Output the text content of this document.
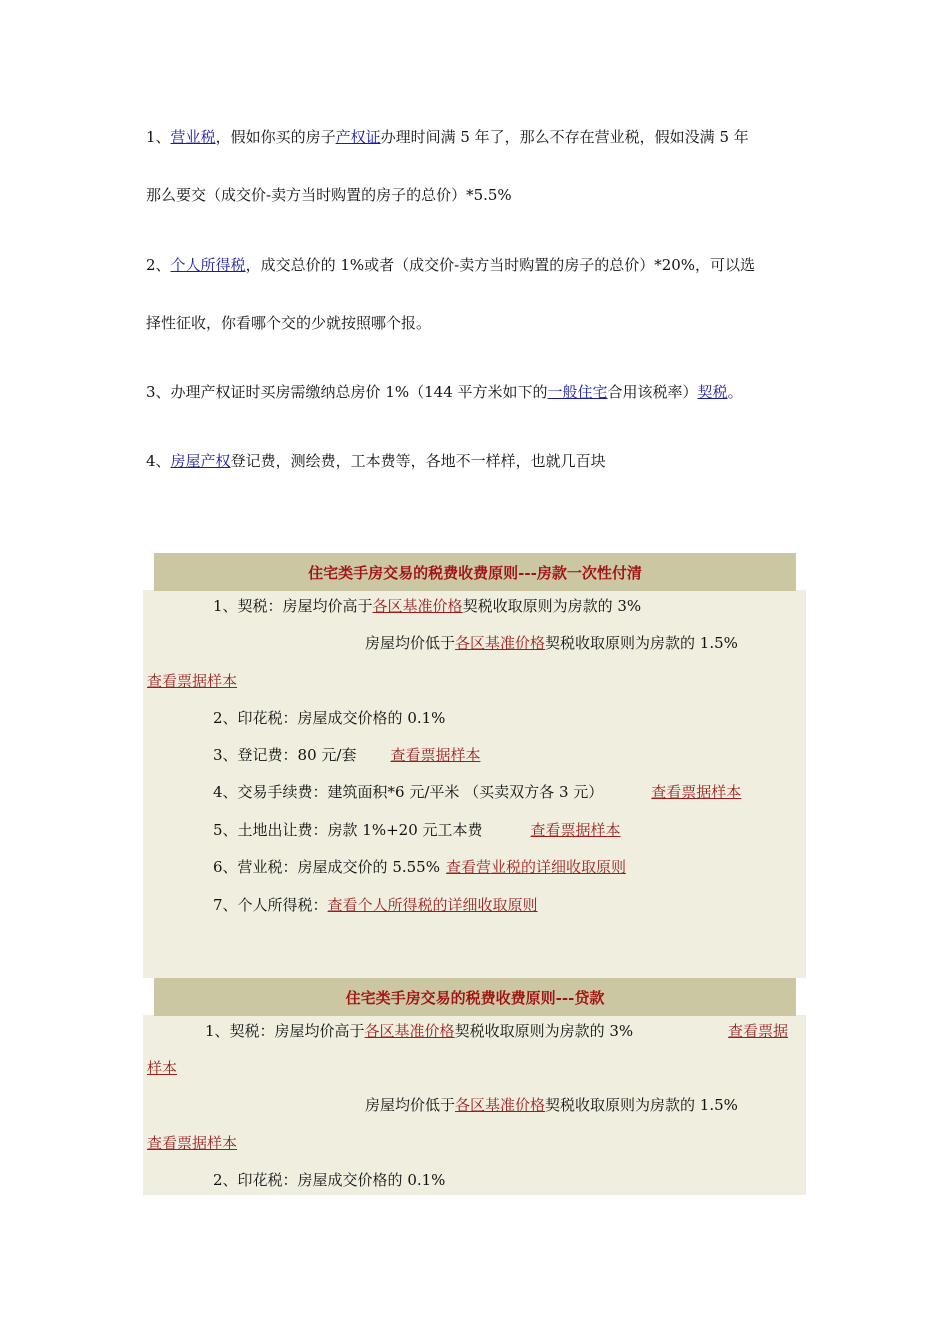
1、营业税，假如你买的房子产权证办理时间满 5 年了，那么不存在营业税，假如没满 5 年
那么要交（成交价-卖方当时购置的房子的总价）*5.5%
2、个人所得税，成交总价的 1%或者（成交价-卖方当时购置的房子的总价）*20%，可以选
择性征收，你看哪个交的少就按照哪个报。
3、办理产权证时买房需缴纳总房价 1%（144 平方米如下的一般住宅合用该税率）契税。
4、房屋产权登记费，测绘费，工本费等，各地不一样样，也就几百块
1、契税：房屋均价高于各区基准价格契税收取原则为房款的 3%
房屋均价低于各区基准价格契税收取原则为房款的 1.5%
查看票据样本
2、印花税：房屋成交价格的 0.1%
3、登记费：80 元/套 查看票据样本
4、交易手续费：建筑面积*6 元/平米 （买卖双方各 3 元）	查看票据样本
5、土地出让费：房款 1%+20 元工本费	查看票据样本
6、营业税：房屋成交价的 5.55% 查看营业税的详细收取原则
7、个人所得税：查看个人所得税的详细收取原则
住宅类手房交易的税费收费原则---房款一次性付清
1、契税：房屋均价高于各区基准价格契税收取原则为房款的 3%	查看票据
样本
房屋均价低于各区基准价格契税收取原则为房款的 1.5%
查看票据样本
2、印花税：房屋成交价格的 0.1%
住宅类手房交易的税费收费原则---贷款
